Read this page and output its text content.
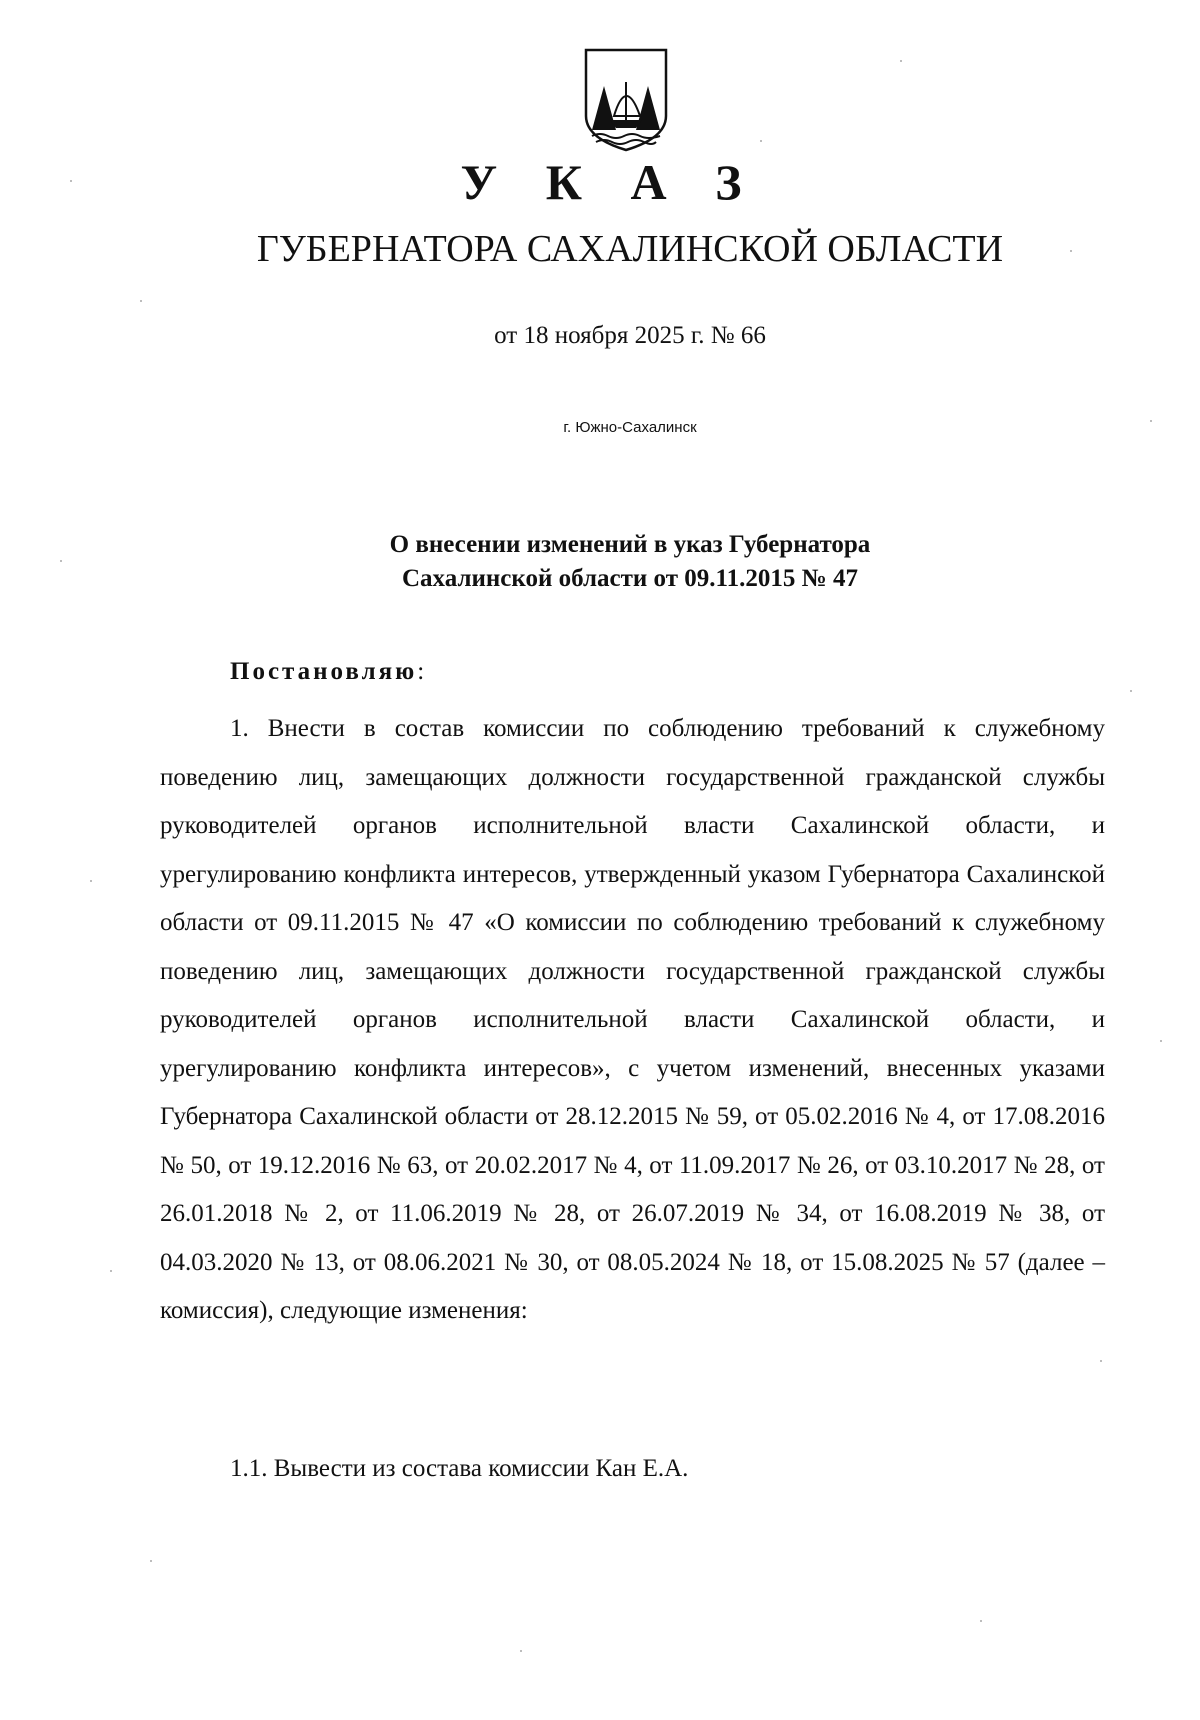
У К А З
ГУБЕРНАТОРА САХАЛИНСКОЙ ОБЛАСТИ
от 18 ноября 2025 г. № 66
г. Южно-Сахалинск
О внесении изменений в указ Губернатора
Сахалинской области от 09.11.2015 № 47
Постановляю:

1. Внести в состав комиссии по соблюдению требований к служебному поведению лиц, замещающих должности государственной гражданской службы руководителей органов исполнительной власти Сахалинской области, и урегулированию конфликта интересов, утвержденный указом Губернатора Сахалинской области от 09.11.2015 № 47 «О комиссии по соблюдению требований к служебному поведению лиц, замещающих должности государственной гражданской службы руководителей органов исполнительной власти Сахалинской области, и урегулированию конфликта интересов», с учетом изменений, внесенных указами Губернатора Сахалинской области от 28.12.2015 № 59, от 05.02.2016 № 4, от 17.08.2016 № 50, от 19.12.2016 № 63, от 20.02.2017 № 4, от 11.09.2017 № 26, от 03.10.2017 № 28, от 26.01.2018 № 2, от 11.06.2019 № 28, от 26.07.2019 № 34, от 16.08.2019 № 38, от 04.03.2020 № 13, от 08.06.2021 № 30, от 08.05.2024 № 18, от 15.08.2025 № 57 (далее – комиссия), следующие изменения:

1.1. Вывести из состава комиссии Кан Е.А.
